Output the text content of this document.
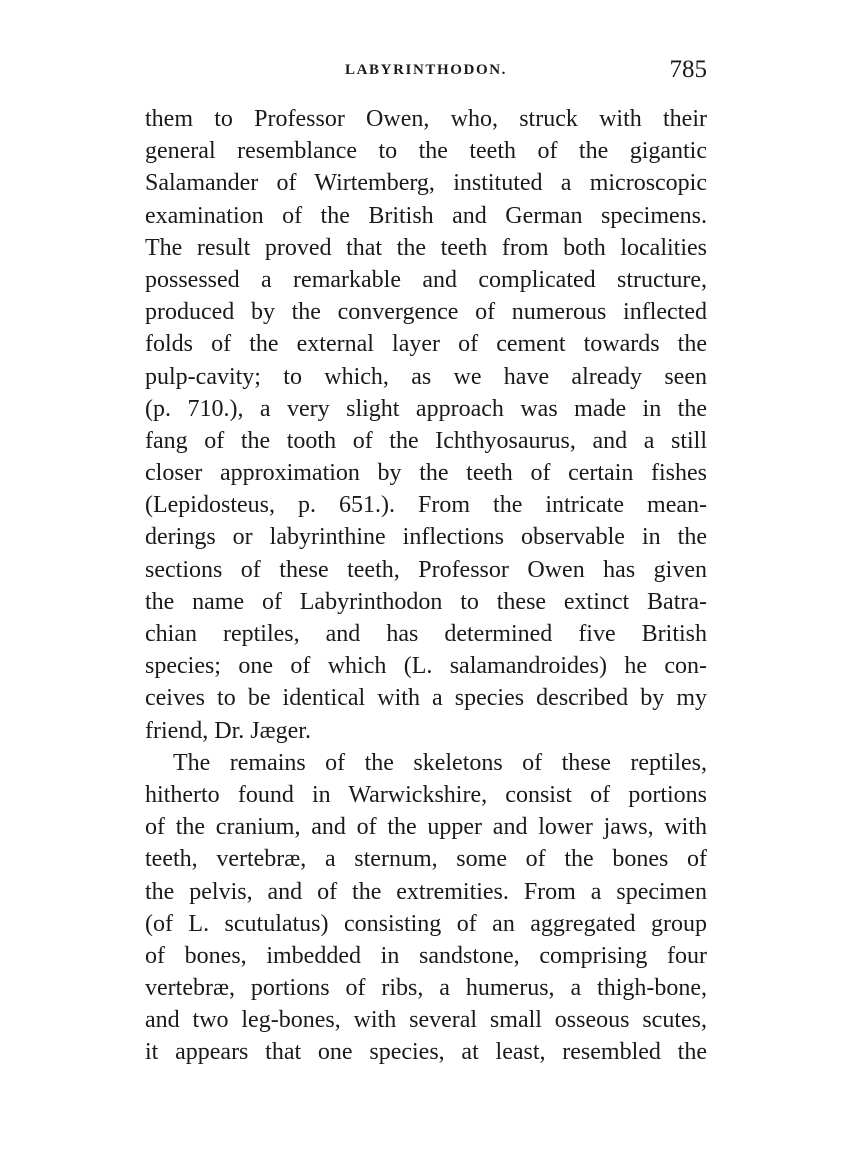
LABYRINTHODON.	785
them to Professor Owen, who, struck with their
general resemblance to the teeth of the gigantic
Salamander of Wirtemberg, instituted a microscopic
examination of the British and German specimens.
The result proved that the teeth from both localities
possessed a remarkable and complicated structure,
produced by the convergence of numerous inflected
folds of the external layer of cement towards the
pulp-cavity; to which, as we have already seen
(p. 710.), a very slight approach was made in the
fang of the tooth of the Ichthyosaurus, and a still
closer approximation by the teeth of certain fishes
(Lepidosteus, p. 651.). From the intricate mean-
derings or labyrinthine inflections observable in the
sections of these teeth, Professor Owen has given
the name of Labyrinthodon to these extinct Batra-
chian reptiles, and has determined five British
species; one of which (L. salamandroides) he con-
ceives to be identical with a species described by my
friend, Dr. Jæger.
The remains of the skeletons of these reptiles,
hitherto found in Warwickshire, consist of portions
of the cranium, and of the upper and lower jaws, with
teeth, vertebræ, a sternum, some of the bones of
the pelvis, and of the extremities. From a specimen
(of L. scutulatus) consisting of an aggregated group
of bones, imbedded in sandstone, comprising four
vertebræ, portions of ribs, a humerus, a thigh-bone,
and two leg-bones, with several small osseous scutes,
it appears that one species, at least, resembled the
